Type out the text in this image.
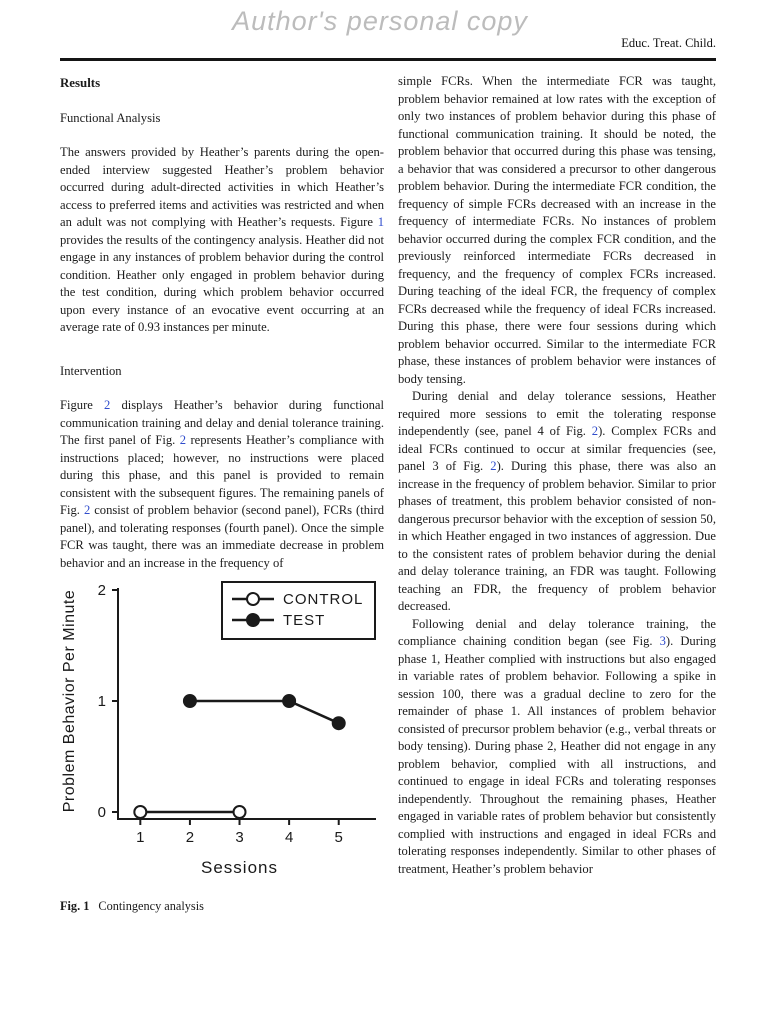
Author's personal copy
Educ. Treat. Child.

Results

Functional Analysis

The answers provided by Heather’s parents during the open-ended interview suggested Heather’s problem behavior occurred during adult-directed activities in which Heather’s access to preferred items and activities was restricted and when an adult was not complying with Heather’s requests. Figure 1 provides the results of the contingency analysis. Heather did not engage in any instances of problem behavior during the control condition. Heather only engaged in problem behavior during the test condition, during which problem behavior occurred upon every instance of an evocative event occurring at an average rate of 0.93 instances per minute.

Intervention

Figure 2 displays Heather’s behavior during functional communication training and delay and denial tolerance training. The first panel of Fig. 2 represents Heather’s compliance with instructions placed; however, no instructions were placed during this phase, and this panel is provided to remain consistent with the subsequent figures. The remaining panels of Fig. 2 consist of problem behavior (second panel), FCRs (third panel), and tolerating responses (fourth panel). Once the simple FCR was taught, there was an immediate decrease in problem behavior and an increase in the frequency of

0
1
2
1	2	3	4	5
Problem Behavior Per Minute
Sessions
CONTROL
TEST
Fig. 1 Contingency analysis

simple FCRs. When the intermediate FCR was taught, problem behavior remained at low rates with the exception of only two instances of problem behavior during this phase of functional communication training. It should be noted, the problem behavior that occurred during this phase was tensing, a behavior that was considered a precursor to other dangerous problem behavior. During the intermediate FCR condition, the frequency of simple FCRs decreased with an increase in the frequency of intermediate FCRs. No instances of problem behavior occurred during the complex FCR condition, and the previously reinforced intermediate FCRs decreased in frequency, and the frequency of complex FCRs increased. During teaching of the ideal FCR, the frequency of complex FCRs decreased while the frequency of ideal FCRs increased. During this phase, there were four sessions during which problem behavior occurred. Similar to the intermediate FCR phase, these instances of problem behavior were instances of body tensing.

During denial and delay tolerance sessions, Heather required more sessions to emit the tolerating response independently (see, panel 4 of Fig. 2). Complex FCRs and ideal FCRs continued to occur at similar frequencies (see, panel 3 of Fig. 2). During this phase, there was also an increase in the frequency of problem behavior. Similar to prior phases of treatment, this problem behavior consisted of non-dangerous precursor behavior with the exception of session 50, in which Heather engaged in two instances of aggression. Due to the consistent rates of problem behavior during the denial and delay tolerance training, an FDR was taught. Following teaching an FDR, the frequency of problem behavior decreased.

Following denial and delay tolerance training, the compliance chaining condition began (see Fig. 3). During phase 1, Heather complied with instructions but also engaged in variable rates of problem behavior. Following a spike in session 100, there was a gradual decline to zero for the remainder of phase 1. All instances of problem behavior consisted of precursor problem behavior (e.g., verbal threats or body tensing). During phase 2, Heather did not engage in any problem behavior, complied with all instructions, and continued to engage in ideal FCRs and tolerating responses independently. Throughout the remaining phases, Heather engaged in variable rates of problem behavior but consistently complied with instructions and engaged in ideal FCRs and tolerating responses independently. Similar to other phases of treatment, Heather’s problem behavior
